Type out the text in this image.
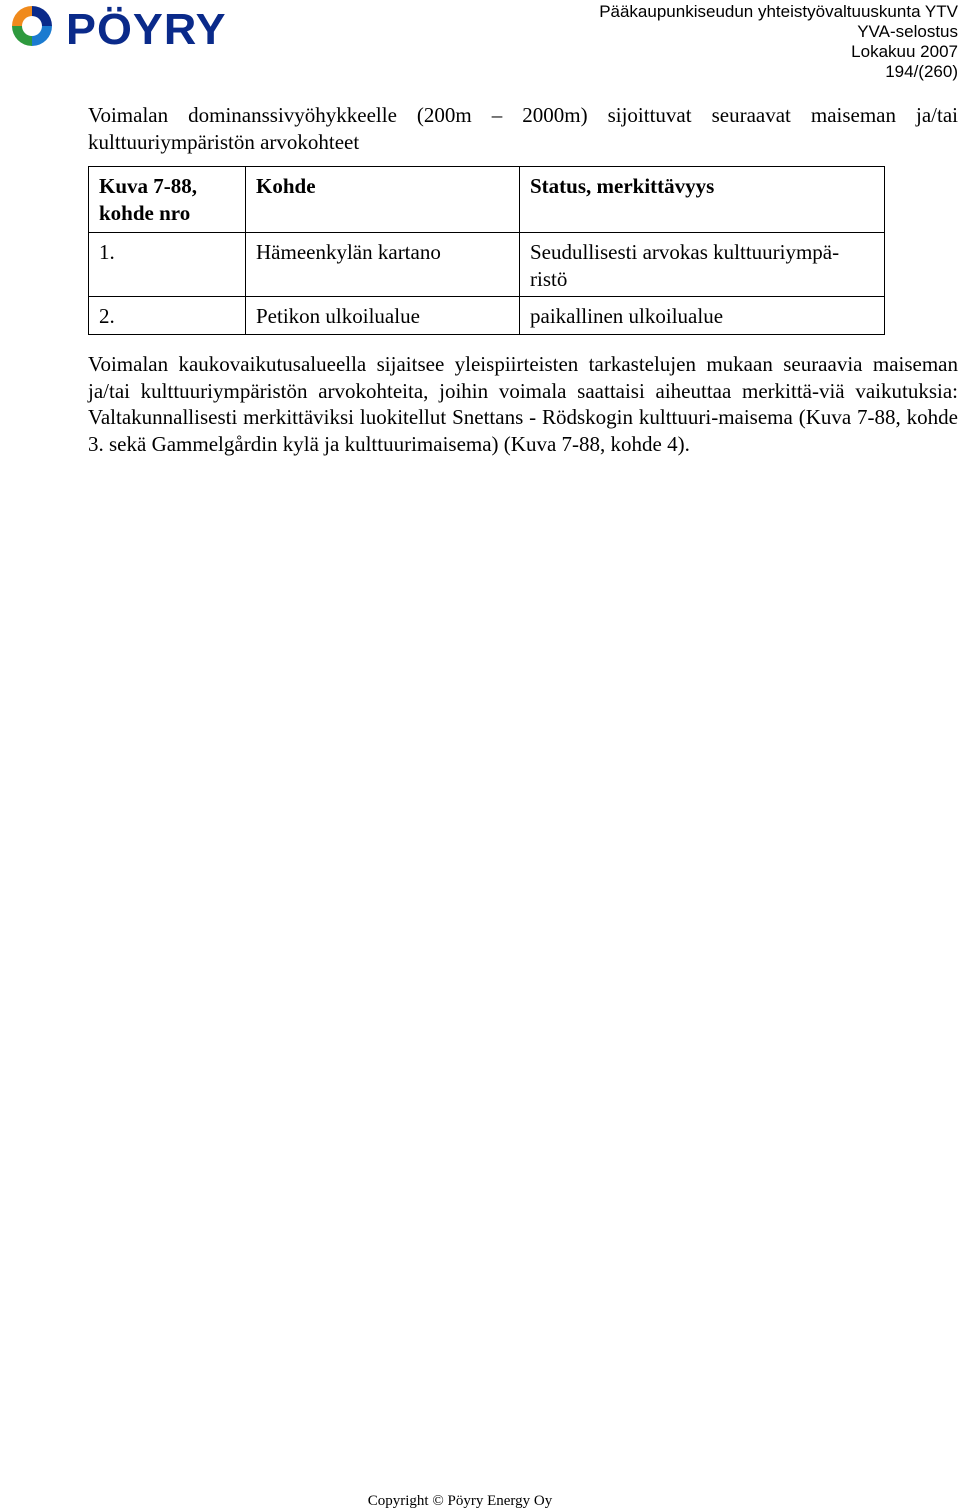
PÖYRY	Pääkaupunkiseudun yhteistyövaltuuskunta YTV
YVA-selostus
Lokakuu 2007
194/(260)

Voimalan dominanssivyöhykkeelle (200m – 2000m) sijoittuvat seuraavat maiseman ja/tai kulttuuriympäristön arvokohteet

Kuva 7-88, kohde nro	Kohde	Status, merkittävyys
1.	Hämeenkylän kartano	Seudullisesti arvokas kulttuuriympä-ristö
2.	Petikon ulkoilualue	paikallinen ulkoilualue

Voimalan kaukovaikutusalueella sijaitsee yleispiirteisten tarkastelujen mukaan seuraavia maiseman ja/tai kulttuuriympäristön arvokohteita, joihin voimala saattaisi aiheuttaa merkittä-viä vaikutuksia: Valtakunnallisesti merkittäviksi luokitellut Snettans - Rödskogin kulttuuri-maisema (Kuva 7-88, kohde 3. sekä Gammelgårdin kylä ja kulttuurimaisema) (Kuva 7-88, kohde 4).

Copyright © Pöyry Energy Oy
